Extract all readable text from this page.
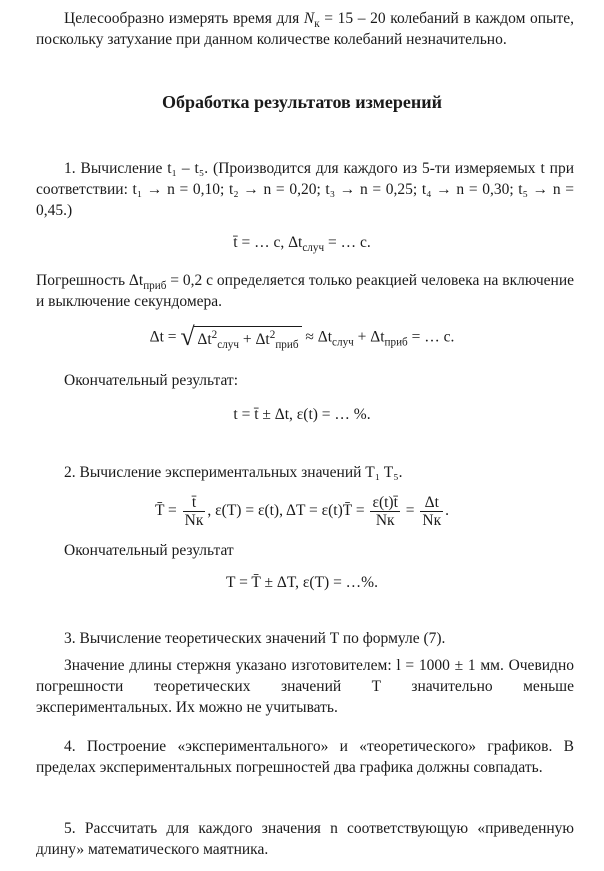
Целесообразно измерять время для $N_к = 15 - 20$ колебаний в каждом опыте, поскольку затухание при данном количестве колебаний незначительно.

Обработка результатов измерений

1. Вычисление t₁ – t₅. (Производится для каждого из 5-ти измеряемых t при соответствии: t₁ → n = 0,10; t₂ → n = 0,20; t₃ → n = 0,25; t₄ → n = 0,30; t₅ → n = 0,45.)

t̄ = … с, $\Delta t_{случ}$ = … с.

Погрешность $\Delta t_{приб} = 0,2$ с определяется только реакцией человека на включение и выключение секундомера.

Δt = √ $\Delta t^2_{случ} + \Delta t^2_{приб} \approx \Delta t_{случ} + \Delta t_{приб}$ = … с.

Окончательный результат:

t = t̄ ± Δt, ε(t) = … %.

2. Вычисление экспериментальных значений T₁ T₅.

T̄ = $\frac{t̄}{Nк}$ , ε(T) = ε(t), ΔT = ε(t)T̄ = $\frac{\varepsilon(t)t̄}{Nк} = \frac{\Delta t}{Nк}$ .

Окончательный результат

T = T̄ ± ΔT, ε(T) = …%.

3. Вычисление теоретических значений T по формуле (7).

Значение длины стержня указано изготовителем: l = 1000 ± 1 мм. Очевидно погрешности теоретических значений T значительно меньше экспериментальных. Их можно не учитывать.

4. Построение «экспериментального» и «теоретического» графиков. В пределах экспериментальных погрешностей два графика должны совпадать.

5. Рассчитать для каждого значения n соответствующую «приведенную длину» математического маятника.
